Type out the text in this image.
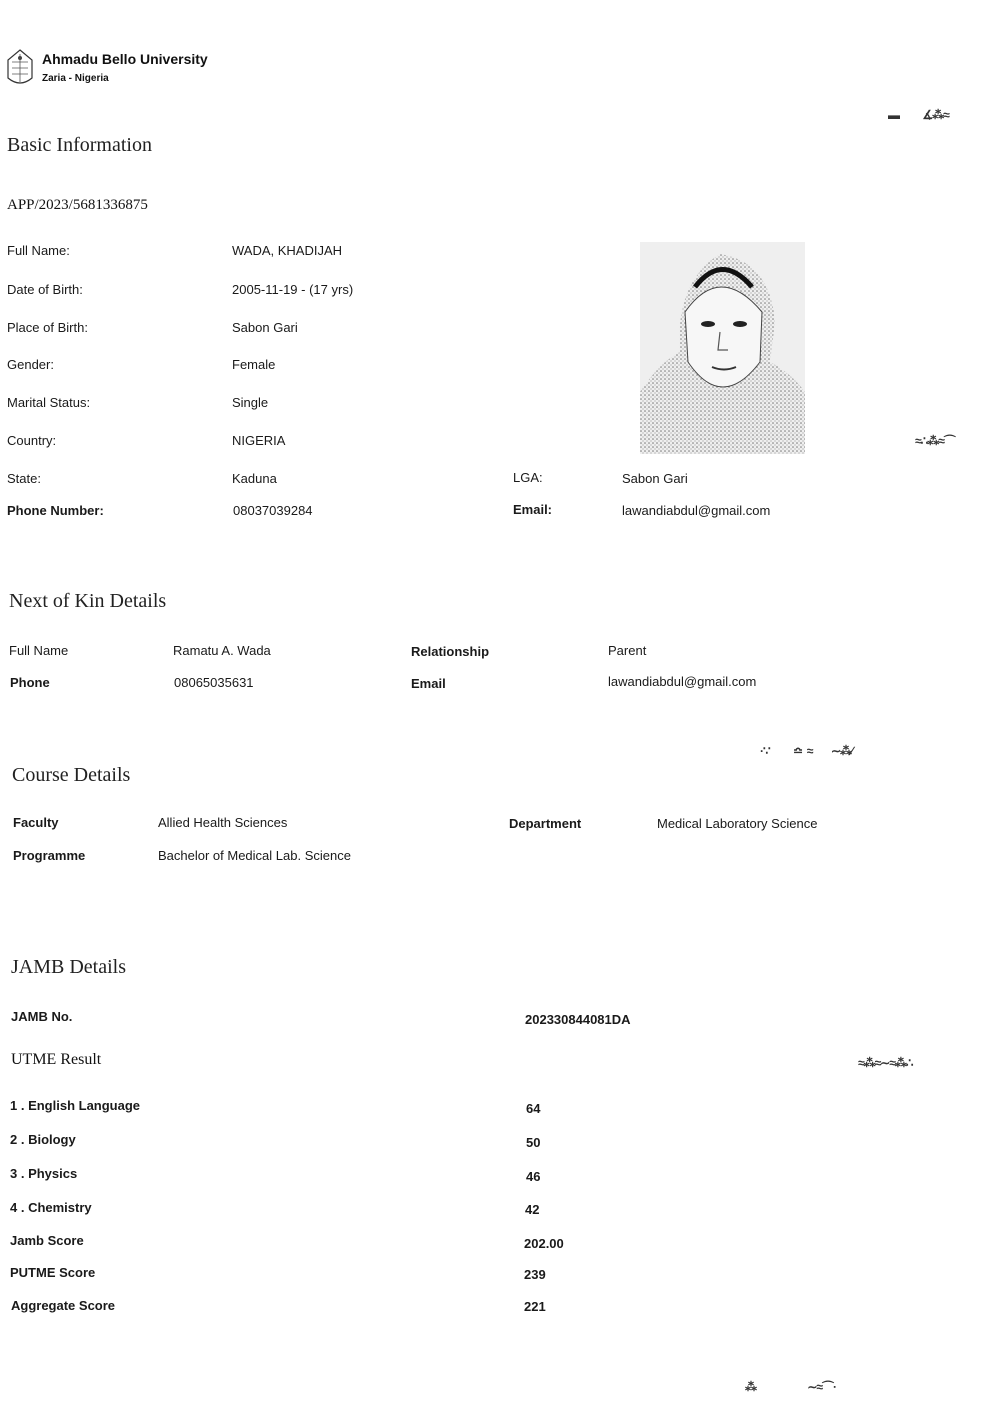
Ahmadu Bello University
Zaria - Nigeria
Basic Information
APP/2023/5681336875
Full Name:	WADA, KHADIJAH
Date of Birth:	2005-11-19 - (17 yrs)
Place of Birth:	Sabon Gari
Gender:	Female
Marital Status:	Single
Country:	NIGERIA
State:	Kaduna	LGA:	Sabon Gari
Phone Number:	08037039284	Email:	lawandiabdul@gmail.com
▬          ∡⁂≈
≈∴⁂≈⌒
·∵          ≏  ≈        ∼⁂∕
≈⁂≈∼≈⁂∴
⁂                      ∼≈⌒∙
Next of Kin Details
Full Name	Ramatu A. Wada	Relationship	Parent
Phone	08065035631	Email	lawandiabdul@gmail.com
Course Details
Faculty	Allied Health Sciences	Department	Medical Laboratory Science
Programme	Bachelor of Medical Lab. Science
JAMB Details
JAMB No.	202330844081DA
UTME Result
1 . English Language	64
2 . Biology	50
3 . Physics	46
4 . Chemistry	42
Jamb Score	202.00
PUTME Score	239
Aggregate Score	221
